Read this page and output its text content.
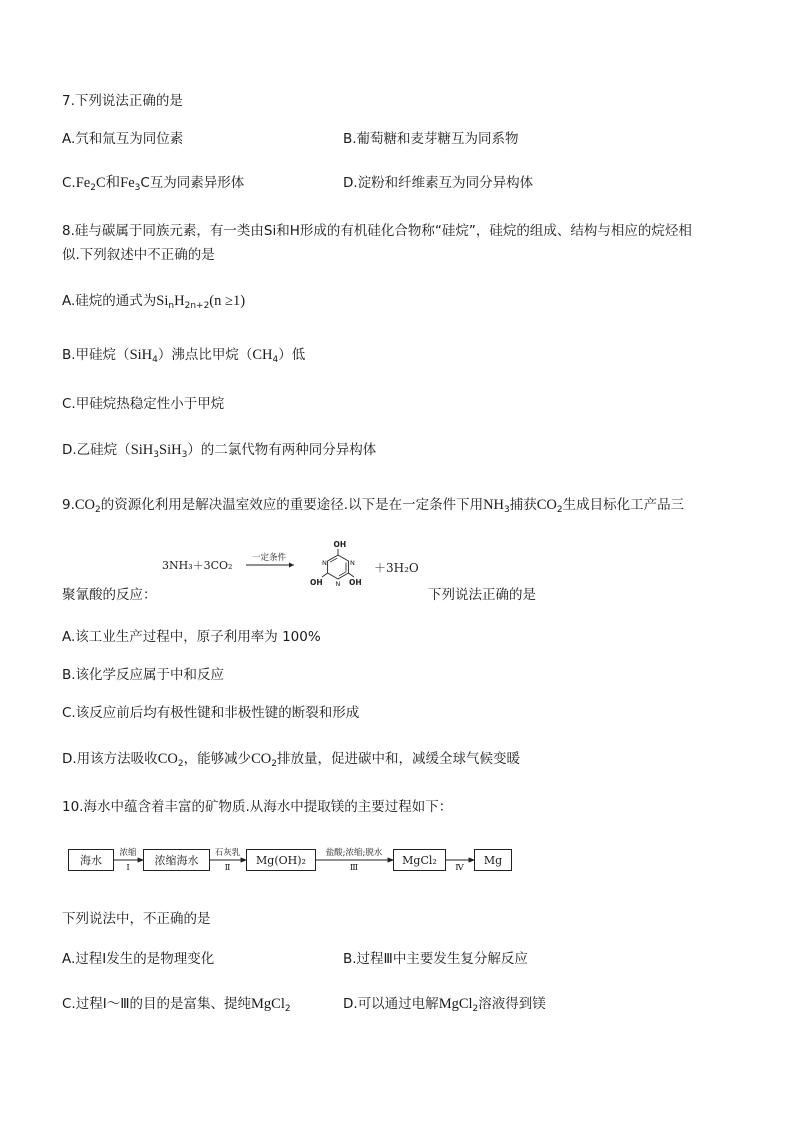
7.下列说法正确的是
A.氕和氚互为同位素	B.葡萄糖和麦芽糖互为同系物
$C.Fe_2C$和$Fe_3C$互为同素异形体	D.淀粉和纤维素互为同分异构体
8.硅与碳属于同族元素，有一类由Si和H形成的有机硅化合物称“硅烷”，硅烷的组成、结构与相应的烷烃相
似.下列叙述中不正确的是
A.硅烷的通式为$Si_nH_{2n+2}(n \ge 1)$
B.甲硅烷（SiH$_4$）沸点比甲烷$(CH_4)$低
C.甲硅烷热稳定性小于甲烷
D.乙硅烷（SiH$_3$SiH$_3$）的二氯代物有两种同分异构体
$9.CO_2$的资源化利用是解决温室效应的重要途径.以下是在一定条件下用$NH_3$捕获$CO_2$生成目标化工产品三
3NH₃＋3CO₂
一定条件
OH
OH
OH
N
N
N
＋3H₂O
聚氰酸的反应：	下列说法正确的是
A.该工业生产过程中，原子利用率为 100%
B.该化学反应属于中和反应
C.该反应前后均有极性键和非极性键的断裂和形成
D.用该方法吸收$CO_2$，能够减少$CO_2$排放量，促进碳中和，减缓全球气候变暖
10.海水中蕴含着丰富的矿物质.从海水中提取镁的主要过程如下：
海水	浓缩海水	Mg(OH)₂	MgCl₂	Mg
浓缩
Ⅰ
石灰乳
Ⅱ
盐酸;浓缩;脱水
Ⅲ	Ⅳ
下列说法中，不正确的是
A.过程Ⅰ发生的是物理变化	B.过程Ⅲ中主要发生复分解反应
C.过程Ⅰ～Ⅲ的目的是富集、提纯MgCl$_2$	D.可以通过电解MgCl$_2$溶液得到镁
